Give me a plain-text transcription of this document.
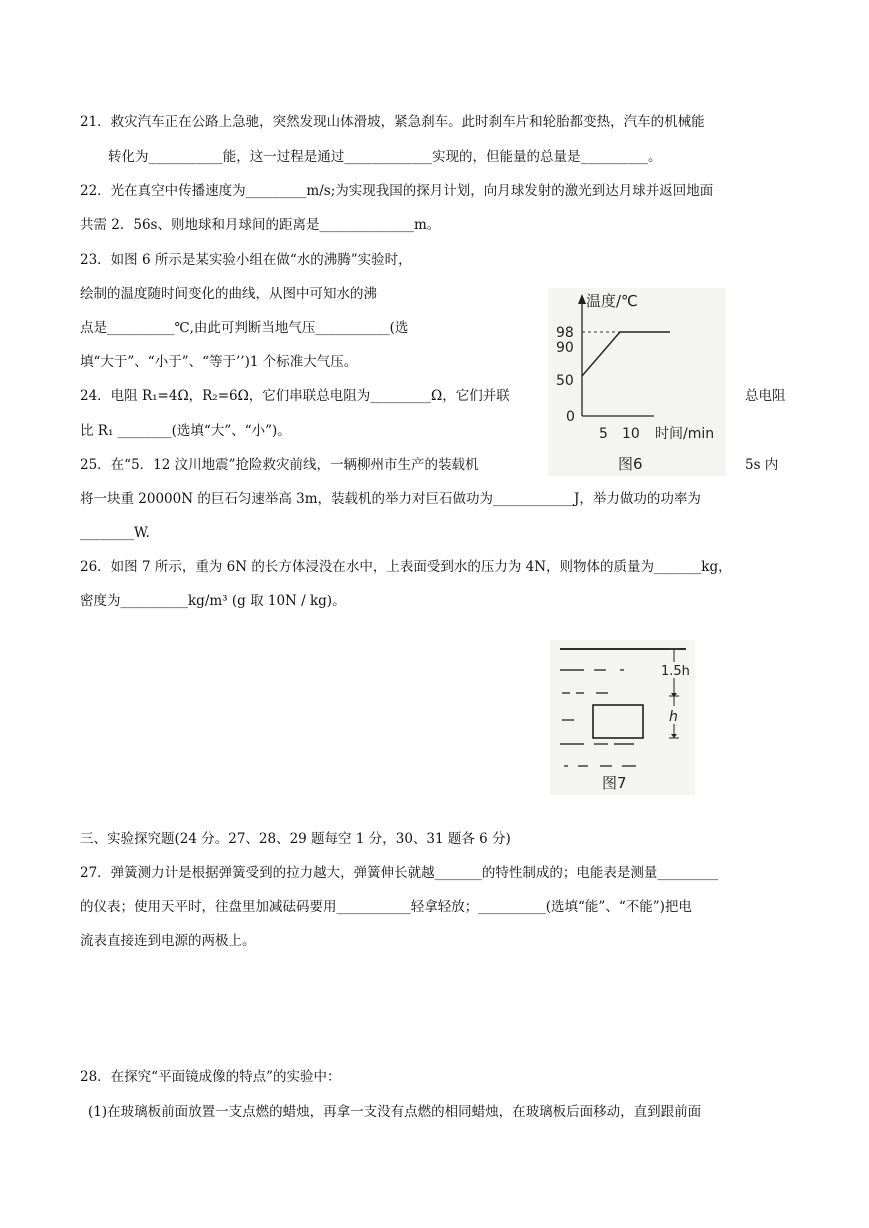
21．救灾汽车正在公路上急驰，突然发现山体滑坡，紧急刹车。此时刹车片和轮胎都变热，汽车的机械能
转化为___________能，这一过程是通过_____________实现的，但能量的总量是__________。
22．光在真空中传播速度为_________m/s;为实现我国的探月计划，向月球发射的激光到达月球并返回地面
共需 2．56s、则地球和月球间的距离是______________m。
23．如图 6 所示是某实验小组在做“水的沸腾”实验时，
绘制的温度随时间变化的曲线，从图中可知水的沸
点是__________℃,由此可判断当地气压___________(选
填“大于”、“小于”、“等于’’)1 个标准大气压。
24．电阻 R₁=4Ω，R₂=6Ω，它们串联总电阻为_________Ω，它们并联	总电阻
比 R₁ ________(选填“大”、“小”)。
25．在“5．12 汶川地震”抢险救灾前线，一辆柳州市生产的装载机	5s 内
将一块重 20000N 的巨石匀速举高 3m，装载机的举力对巨石做功为____________J，举力做功的功率为
________W.
26．如图 7 所示，重为 6N 的长方体浸没在水中，上表面受到水的压力为 4N，则物体的质量为_______kg，
密度为__________kg/m³ (g 取 10N / kg)。
三、实验探究题(24 分。27、28、29 题每空 1 分，30、31 题各 6 分)
27．弹簧测力计是根据弹簧受到的拉力越大，弹簧伸长就越_______的特性制成的；电能表是测量_________
的仪表；使用天平时，往盘里加减砝码要用___________轻拿轻放；__________(选填“能”、“不能”)把电
流表直接连到电源的两极上。
28．在探究“平面镜成像的特点”的实验中：
(1)在玻璃板前面放置一支点燃的蜡烛，再拿一支没有点燃的相同蜡烛，在玻璃板后面移动，直到跟前面
温度/℃
时间/min
98
90
50
0
5 10
图6
1.5h
h
图7
